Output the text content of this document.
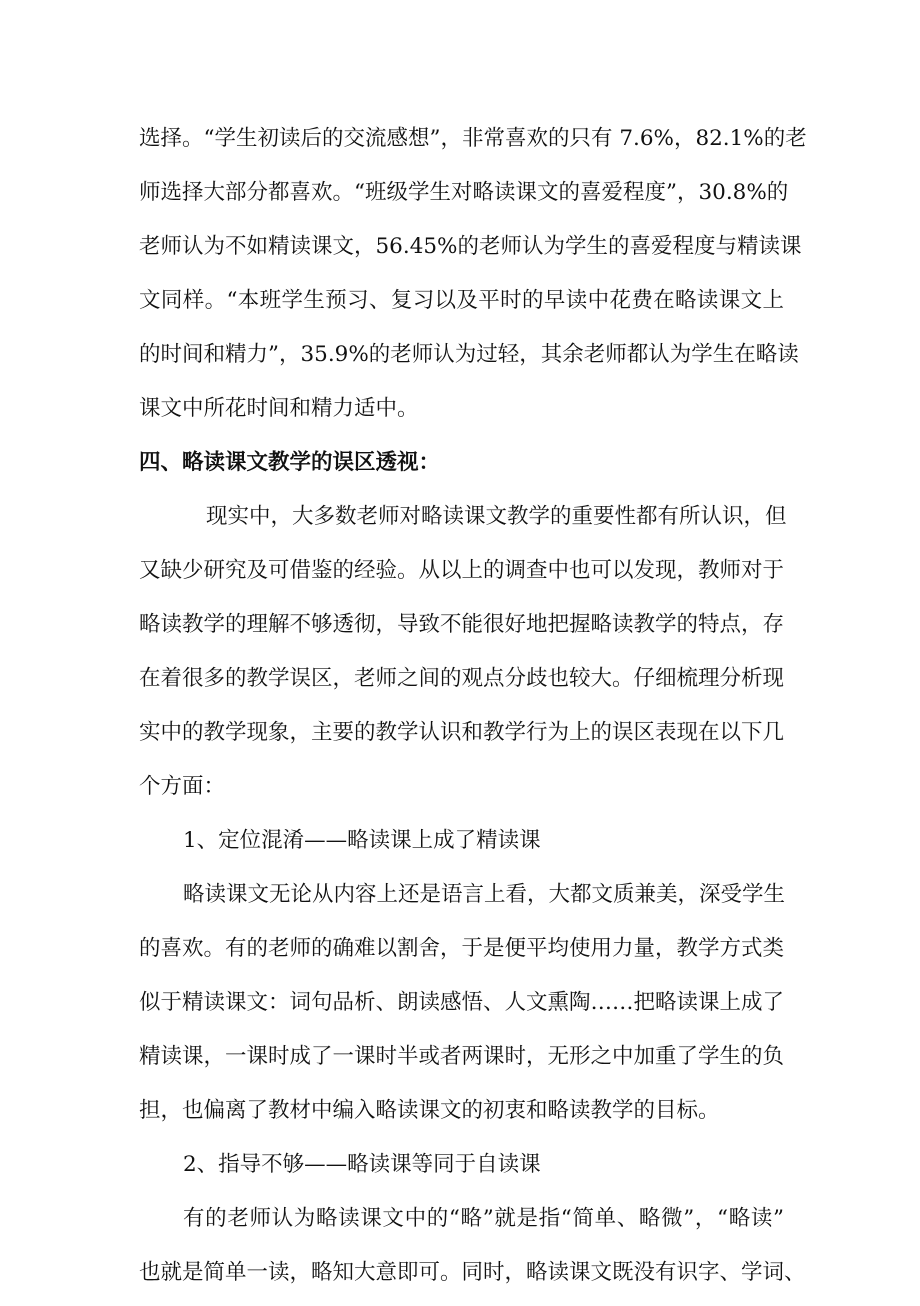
选择。“学生初读后的交流感想”，非常喜欢的只有 7.6%，82.1%的老
师选择大部分都喜欢。“班级学生对略读课文的喜爱程度”，30.8%的
老师认为不如精读课文，56.45%的老师认为学生的喜爱程度与精读课
文同样。“本班学生预习、复习以及平时的早读中花费在略读课文上
的时间和精力”，35.9%的老师认为过轻，其余老师都认为学生在略读
课文中所花时间和精力适中。
四、略读课文教学的误区透视：
现实中，大多数老师对略读课文教学的重要性都有所认识，但
又缺少研究及可借鉴的经验。从以上的调查中也可以发现，教师对于
略读教学的理解不够透彻，导致不能很好地把握略读教学的特点，存
在着很多的教学误区，老师之间的观点分歧也较大。仔细梳理分析现
实中的教学现象，主要的教学认识和教学行为上的误区表现在以下几
个方面：
1、定位混淆——略读课上成了精读课
略读课文无论从内容上还是语言上看，大都文质兼美，深受学生
的喜欢。有的老师的确难以割舍，于是便平均使用力量，教学方式类
似于精读课文：词句品析、朗读感悟、人文熏陶……把略读课上成了
精读课，一课时成了一课时半或者两课时，无形之中加重了学生的负
担，也偏离了教材中编入略读课文的初衷和略读教学的目标。
2、指导不够——略读课等同于自读课
有的老师认为略读课文中的“略”就是指“简单、略微”，“略读”
也就是简单一读，略知大意即可。同时，略读课文既没有识字、学词、
